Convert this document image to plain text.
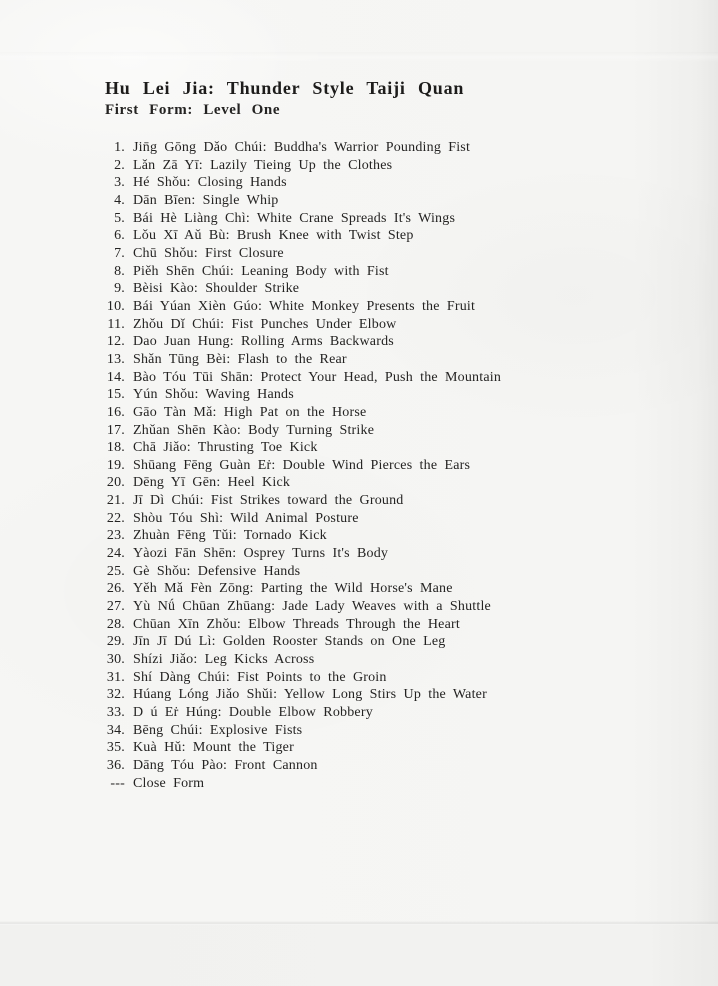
Hu Lei Jia: Thunder Style Taiji Quan
First Form: Level One
1. Jin̄g Gōng Dǎo Chúi: Buddha's Warrior Pounding Fist
2. Lǎn Zā Yī: Lazily Tieing Up the Clothes
3. Hé Shǒu: Closing Hands
4. Dān Bīen: Single Whip
5. Bái Hè Liàng Chì: White Crane Spreads It's Wings
6. Lǒu Xī Aǔ Bù: Brush Knee with Twist Step
7. Chū Shǒu: First Closure
8. Piěh Shēn Chúi: Leaning Body with Fist
9. Bèisi Kào: Shoulder Strike
10. Bái Yúan Xièn Gúo: White Monkey Presents the Fruit
11. Zhǒu Dǐ Chúi: Fist Punches Under Elbow
12. Dao Juan Hung: Rolling Arms Backwards
13. Shǎn Tūng Bèi: Flash to the Rear
14. Bào Tóu Tūi Shān: Protect Your Head, Push the Mountain
15. Yún Shǒu: Waving Hands
16. Gāo Tàn Mǎ: High Pat on the Horse
17. Zhǔan Shēn Kào: Body Turning Strike
18. Chā Jiǎo: Thrusting Toe Kick
19. Shūang Fēng Guàn Eṙ: Double Wind Pierces the Ears
20. Dēng Yī Gēn: Heel Kick
21. Jī Dì Chúi: Fist Strikes toward the Ground
22. Shòu Tóu Shì: Wild Animal Posture
23. Zhuàn Fēng Tǔi: Tornado Kick
24. Yàozi Fān Shēn: Osprey Turns It's Body
25. Gè Shǒu: Defensive Hands
26. Yěh Mǎ Fèn Zōng: Parting the Wild Horse's Mane
27. Yù Nǘ Chūan Zhūang: Jade Lady Weaves with a Shuttle
28. Chūan Xīn Zhǒu: Elbow Threads Through the Heart
29. Jīn Jī Dú Lì: Golden Rooster Stands on One Leg
30. Shízi Jiǎo: Leg Kicks Across
31. Shí Dàng Chúi: Fist Points to the Groin
32. Húang Lóng Jiǎo Shǔi: Yellow Long Stirs Up the Water
33. D ú Eṙ Húng: Double Elbow Robbery
34. Bēng Chúi: Explosive Fists
35. Kuà Hǔ: Mount the Tiger
36. Dāng Tóu Pào: Front Cannon
--- Close Form
